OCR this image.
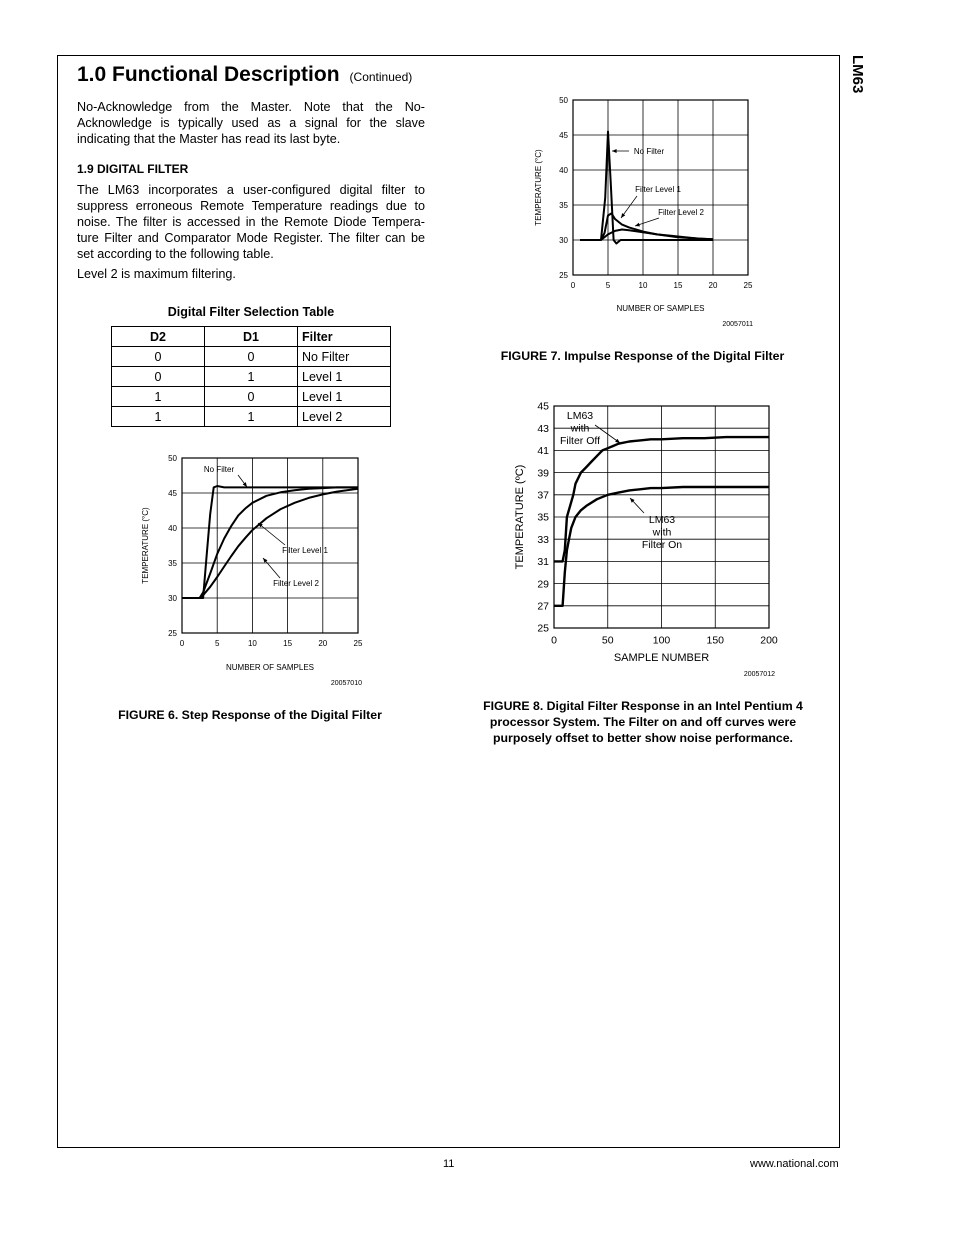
LM63
1.0 Functional Description (Continued)

No-Acknowledge from the Master. Note that the No-Acknowledge is typically used as a signal for the slave indicating that the Master has read its last byte.

1.9 DIGITAL FILTER

The LM63 incorporates a user-configured digital filter to suppress erroneous Remote Temperature readings due to noise. The filter is accessed in the Remote Diode Tempera-ture Filter and Comparator Mode Register. The filter can be set according to the following table.

Level 2 is maximum filtering.

Digital Filter Selection Table
D2	D1	Filter
0	0	No Filter
0	1	Level 1
1	0	Level 1
1	1	Level 2
0	5	10	15	20	25
25
30
35
40
45
50
NUMBER OF SAMPLES
TEMPERATURE (°C)
20057010
No Filter
Filter Level 1
Filter Level 2
FIGURE 6. Step Response of the Digital Filter
0	5	10	15	20	25
25
30
35
40
45
50
NUMBER OF SAMPLES
TEMPERATURE (°C)
20057011
No Filter
Filter Level 1
Filter Level 2
FIGURE 7. Impulse Response of the Digital Filter
0	50	100	150	200
25
27
29
31
33
35
37
39
41
43
45
SAMPLE NUMBER
TEMPERATURE (ºC)
20057012
LM63
with
Filter Off
LM63
with
Filter On
FIGURE 8. Digital Filter Response in an Intel Pentium 4 processor System. The Filter on and off curves were purposely offset to better show noise performance.
11	www.national.com
